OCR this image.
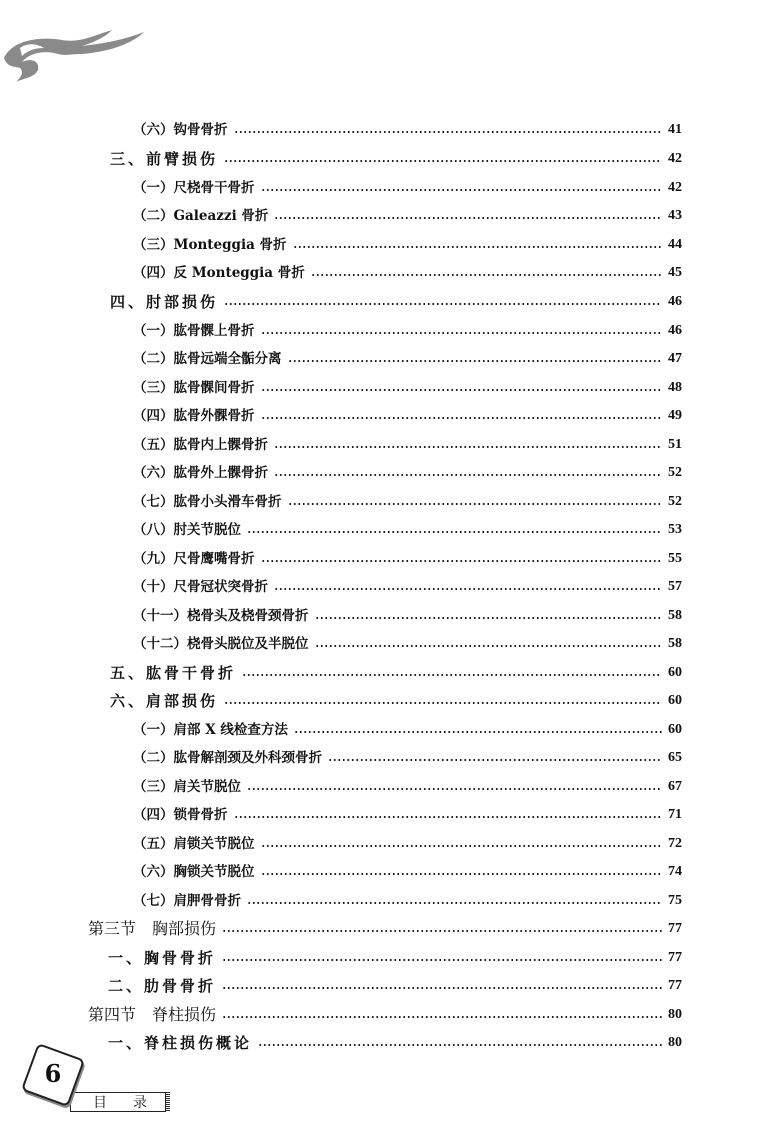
（六）钩骨骨折	41
三、前臂损伤	42
（一）尺桡骨干骨折	42
（二）Galeazzi 骨折	43
（三）Monteggia 骨折	44
（四）反 Monteggia 骨折	45
四、肘部损伤	46
（一）肱骨髁上骨折	46
（二）肱骨远端全骺分离	47
（三）肱骨髁间骨折	48
（四）肱骨外髁骨折	49
（五）肱骨内上髁骨折	51
（六）肱骨外上髁骨折	52
（七）肱骨小头滑车骨折	52
（八）肘关节脱位	53
（九）尺骨鹰嘴骨折	55
（十）尺骨冠状突骨折	57
（十一）桡骨头及桡骨颈骨折	58
（十二）桡骨头脱位及半脱位	58
五、肱骨干骨折	60
六、肩部损伤	60
（一）肩部 X 线检查方法	60
（二）肱骨解剖颈及外科颈骨折	65
（三）肩关节脱位	67
（四）锁骨骨折	71
（五）肩锁关节脱位	72
（六）胸锁关节脱位	74
（七）肩胛骨骨折	75
第三节　胸部损伤	77
一、胸骨骨折	77
二、肋骨骨折	77
第四节　脊柱损伤	80
一、脊柱损伤概论	80
6
目 录
